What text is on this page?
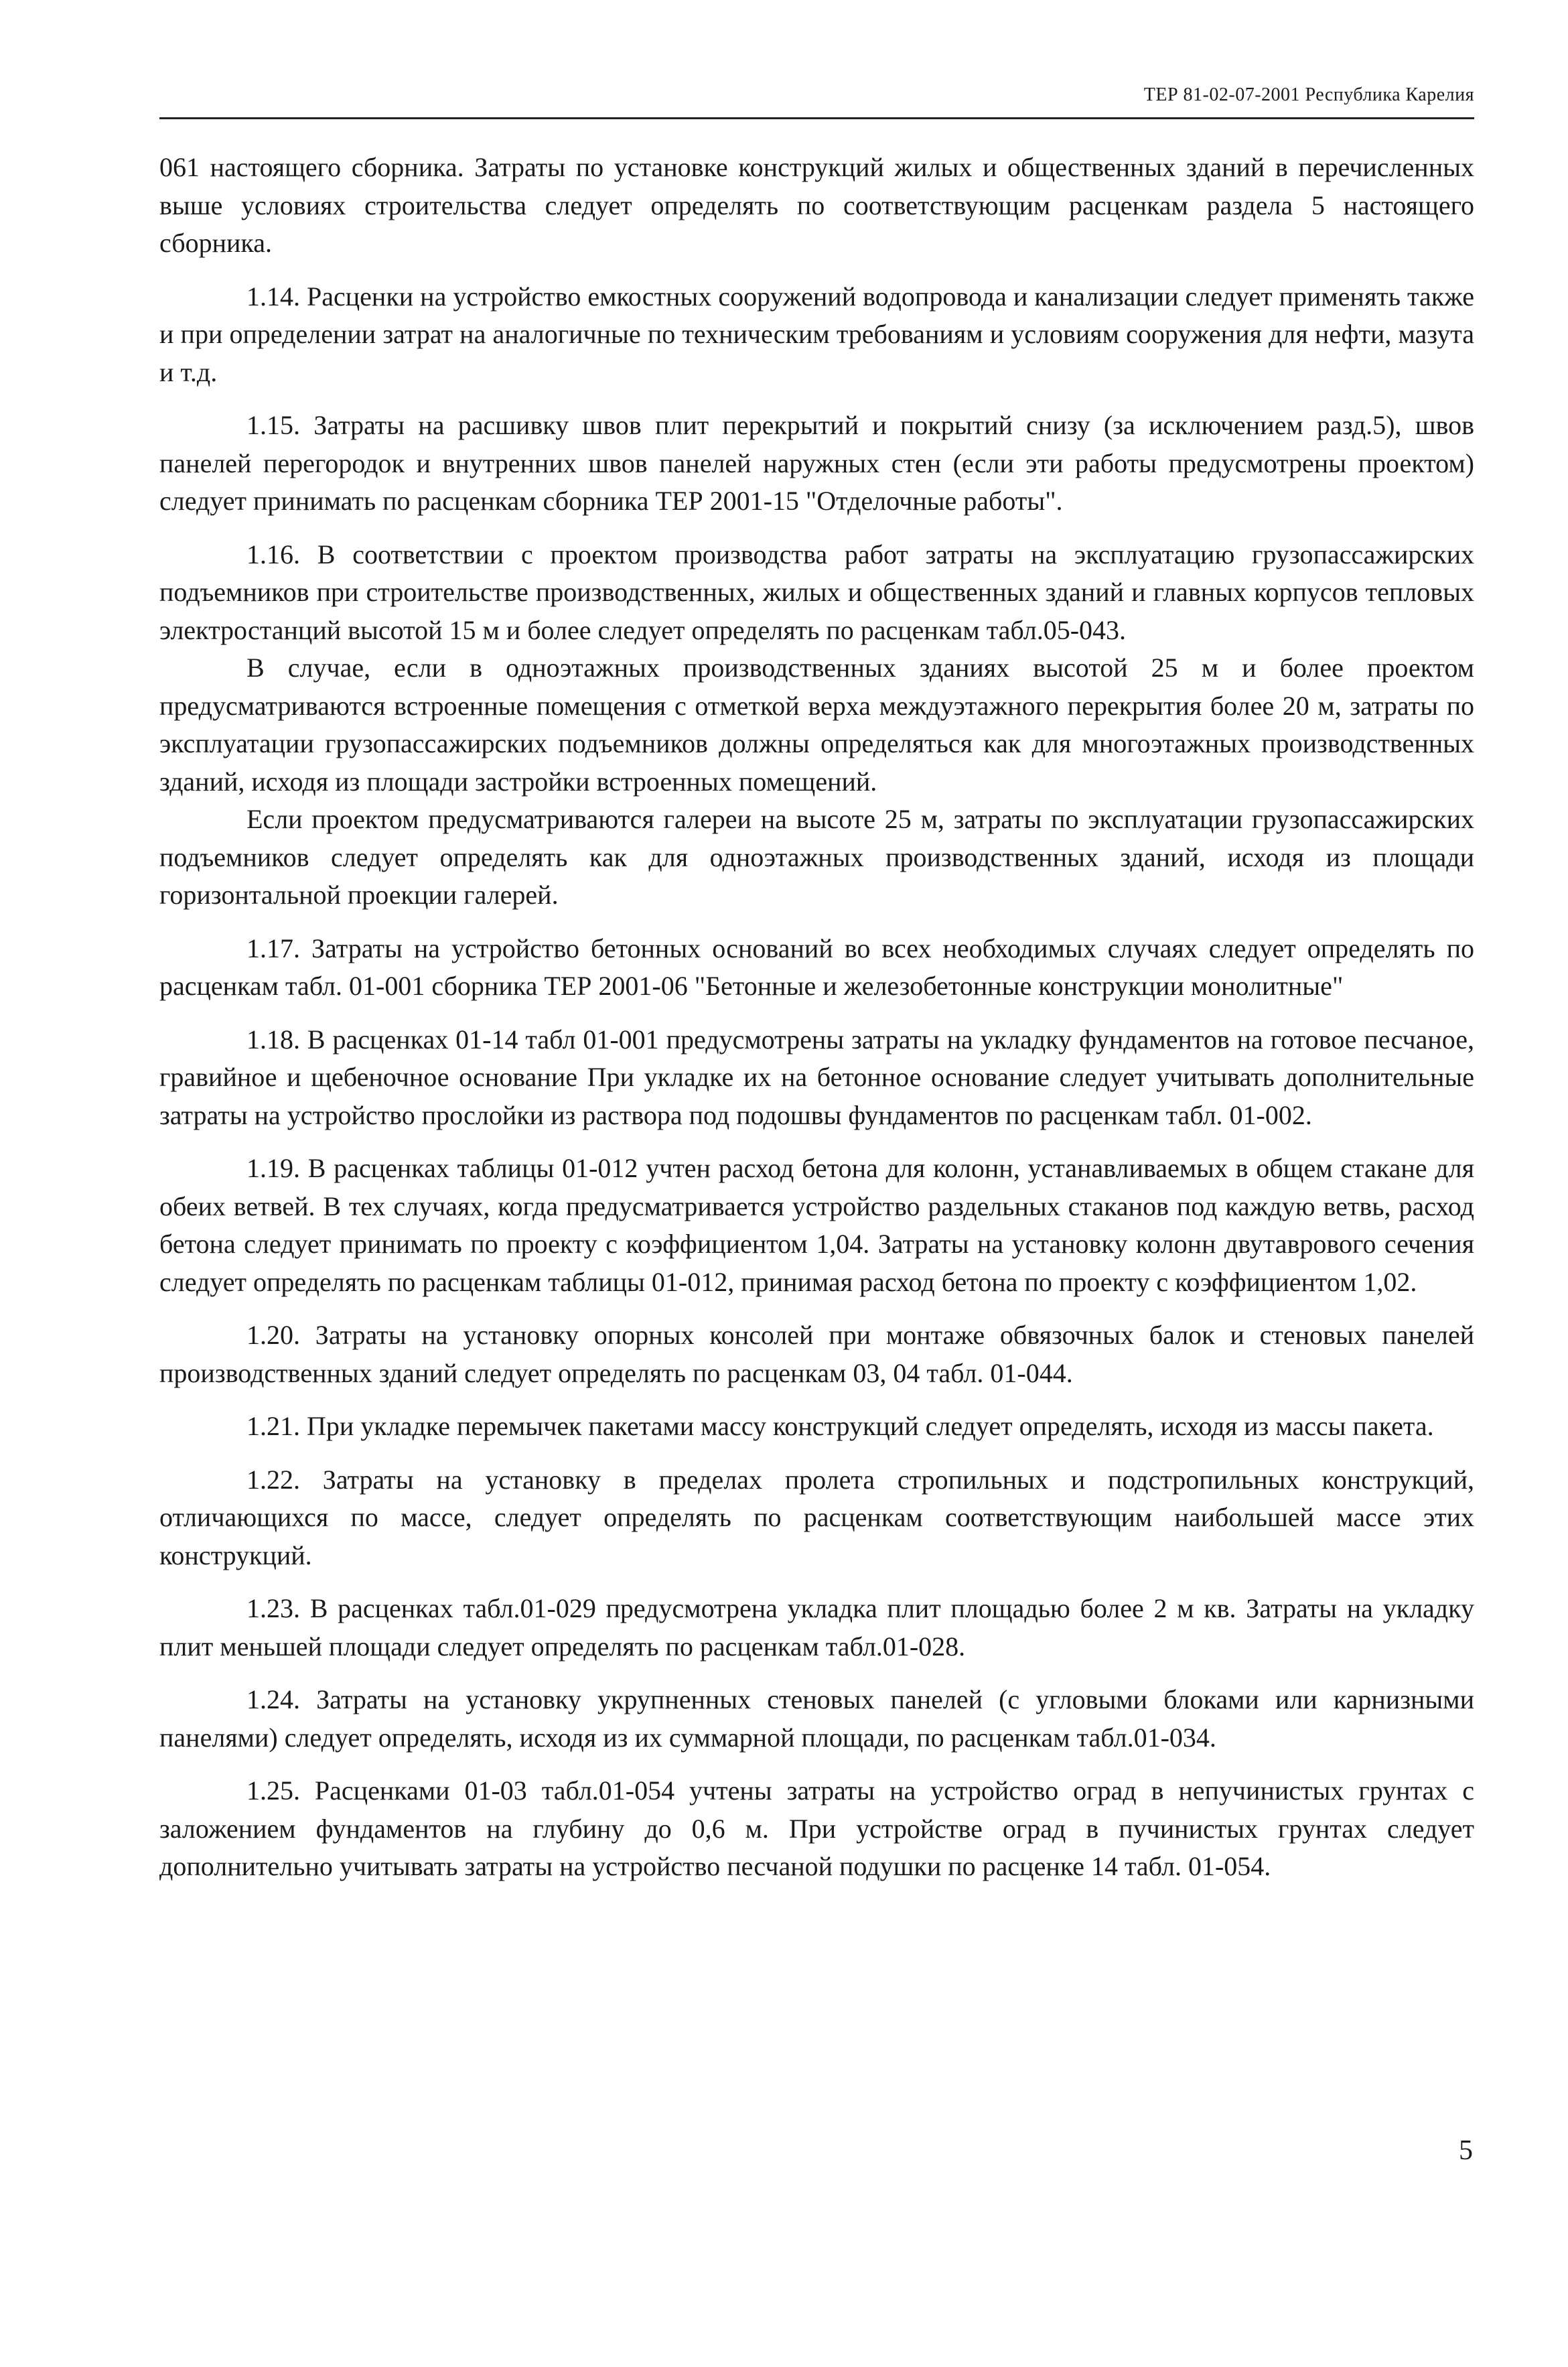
ТЕР 81-02-07-2001 Республика Карелия

061 настоящего сборника. Затраты по установке конструкций жилых и общественных зданий в перечисленных выше условиях строительства следует определять по соответствующим расценкам раздела 5 настоящего сборника.

1.14. Расценки на устройство емкостных сооружений водопровода и канализации следует применять также и при определении затрат на аналогичные по техническим требованиям и условиям сооружения для нефти, мазута и т.д.

1.15. Затраты на расшивку швов плит перекрытий и покрытий снизу (за исключением разд.5), швов панелей перегородок и внутренних швов панелей наружных стен (если эти работы предусмотрены проектом) следует принимать по расценкам сборника ТЕР 2001-15 "Отделочные работы".

1.16. В соответствии с проектом производства работ затраты на эксплуатацию грузопассажирских подъемников при строительстве производственных, жилых и общественных зданий и главных корпусов тепловых электростанций высотой 15 м и более следует определять по расценкам табл.05-043.

В случае, если в одноэтажных производственных зданиях высотой 25 м и более проектом предусматриваются встроенные помещения с отметкой верха междуэтажного перекрытия более 20 м, затраты по эксплуатации грузопассажирских подъемников должны определяться как для многоэтажных производственных зданий, исходя из площади застройки встроенных помещений.

Если проектом предусматриваются галереи на высоте 25 м, затраты по эксплуатации грузопассажирских подъемников следует определять как для одноэтажных производственных зданий, исходя из площади горизонтальной проекции галерей.

1.17. Затраты на устройство бетонных оснований во всех необходимых случаях следует определять по расценкам табл. 01-001 сборника ТЕР 2001-06 "Бетонные и железобетонные конструкции монолитные"

1.18. В расценках 01-14 табл 01-001 предусмотрены затраты на укладку фундаментов на готовое песчаное, гравийное и щебеночное основание При укладке их на бетонное основание следует учитывать дополнительные затраты на устройство прослойки из раствора под подошвы фундаментов по расценкам табл. 01-002.

1.19. В расценках таблицы 01-012 учтен расход бетона для колонн, устанавливаемых в общем стакане для обеих ветвей. В тех случаях, когда предусматривается устройство раздельных стаканов под каждую ветвь, расход бетона следует принимать по проекту с коэффициентом 1,04. Затраты на установку колонн двутаврового сечения следует определять по расценкам таблицы 01-012, принимая расход бетона по проекту с коэффициентом 1,02.

1.20. Затраты на установку опорных консолей при монтаже обвязочных балок и стеновых панелей производственных зданий следует определять по расценкам 03, 04 табл. 01-044.

1.21. При укладке перемычек пакетами массу конструкций следует определять, исходя из массы пакета.

1.22. Затраты на установку в пределах пролета стропильных и подстропильных конструкций, отличающихся по массе, следует определять по расценкам соответствующим наибольшей массе этих конструкций.

1.23. В расценках табл.01-029 предусмотрена укладка плит площадью более 2 м кв. Затраты на укладку плит меньшей площади следует определять по расценкам табл.01-028.

1.24. Затраты на установку укрупненных стеновых панелей (с угловыми блоками или карнизными панелями) следует определять, исходя из их суммарной площади, по расценкам табл.01-034.

1.25. Расценками 01-03 табл.01-054 учтены затраты на устройство оград в непучинистых грунтах с заложением фундаментов на глубину до 0,6 м. При устройстве оград в пучинистых грунтах следует дополнительно учитывать затраты на устройство песчаной подушки по расценке 14 табл. 01-054.

5
